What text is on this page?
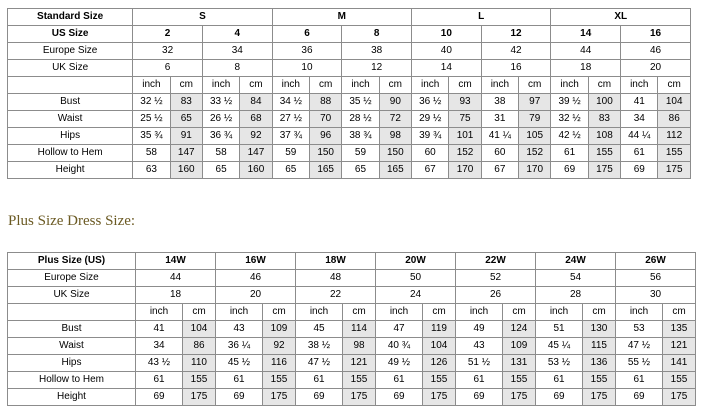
Standard Size	S				M				L				XL			
US Size	2		4		6		8		10		12		14		16	
Europe Size	32		34		36		38		40		42		44		46	
UK Size	6		8		10		12		14		16		18		20	
	inch	cm	inch	cm	inch	cm	inch	cm	inch	cm	inch	cm	inch	cm	inch	cm
Bust	32 ½	83	33 ½	84	34 ½	88	35 ½	90	36 ½	93	38	97	39 ½	100	41	104
Waist	25 ½	65	26 ½	68	27 ½	70	28 ½	72	29 ½	75	31	79	32 ½	83	34	86
Hips	35 ¾	91	36 ¾	92	37 ¾	96	38 ¾	98	39 ¾	101	41 ¼	105	42 ½	108	44 ¼	112
Hollow to Hem	58	147	58	147	59	150	59	150	60	152	60	152	61	155	61	155
Height	63	160	65	160	65	165	65	165	67	170	67	170	69	175	69	175
Plus Size Dress Size:
Plus Size (US)	14W		16W		18W		20W		22W		24W		26W	
Europe Size	44		46		48		50		52		54		56	
UK Size	18		20		22		24		26		28		30	
	inch	cm	inch	cm	inch	cm	inch	cm	inch	cm	inch	cm	inch	cm
Bust	41	104	43	109	45	114	47	119	49	124	51	130	53	135
Waist	34	86	36 ¼	92	38 ½	98	40 ¾	104	43	109	45 ¼	115	47 ½	121
Hips	43 ½	110	45 ½	116	47 ½	121	49 ½	126	51 ½	131	53 ½	136	55 ½	141
Hollow to Hem	61	155	61	155	61	155	61	155	61	155	61	155	61	155
Height	69	175	69	175	69	175	69	175	69	175	69	175	69	175
